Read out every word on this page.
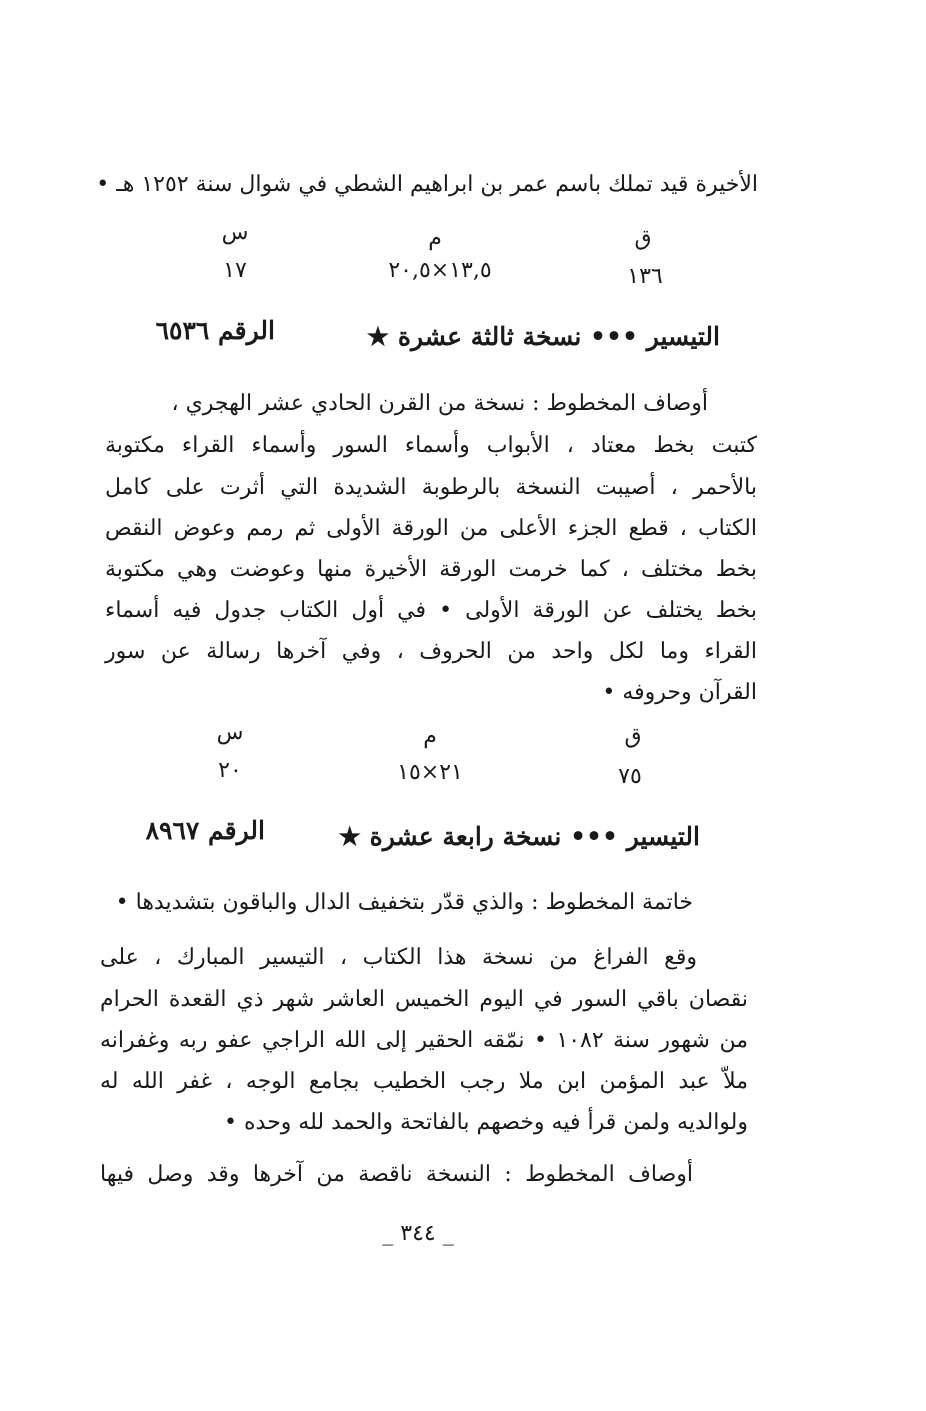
الأخيرة قيد تملك باسم عمر بن ابراهيم الشطي في شوال سنة ١٢٥٢ هـ •
ق
م
س
١٣٦
١٣,٥×٢٠,٥
١٧
التيسير ••• نسخة ثالثة عشرة ★
الرقم ٦٥٣٦
أوصاف المخطوط : نسخة من القرن الحادي عشر الهجري ،
كتبت بخط معتاد ، الأبواب وأسماء السور وأسماء القراء مكتوبة
بالأحمر ، أصيبت النسخة بالرطوبة الشديدة التي أثرت على كامل
الكتاب ، قطع الجزء الأعلى من الورقة الأولى ثم رمم وعوض النقص
بخط مختلف ، كما خرمت الورقة الأخيرة منها وعوضت وهي مكتوبة
بخط يختلف عن الورقة الأولى • في أول الكتاب جدول فيه أسماء
القراء وما لكل واحد من الحروف ، وفي آخرها رسالة عن سور
القرآن وحروفه •
ق
م
س
٧٥
٢١×١٥
٢٠
التيسير ••• نسخة رابعة عشرة ★
الرقم ٨٩٦٧
خاتمة المخطوط : والذي قدّر بتخفيف الدال والباقون بتشديدها •
وقع الفراغ من نسخة هذا الكتاب ، التيسير المبارك ، على
نقصان باقي السور في اليوم الخميس العاشر شهر ذي القعدة الحرام
من شهور سنة ١٠٨٢ • نمّقه الحقير إلى الله الراجي عفو ربه وغفرانه
ملاّ عبد المؤمن ابن ملا رجب الخطيب بجامع الوجه ، غفر الله له
ولوالديه ولمن قرأ فيه وخصهم بالفاتحة والحمد لله وحده •
أوصاف المخطوط : النسخة ناقصة من آخرها وقد وصل فيها
_ ٣٤٤ _
